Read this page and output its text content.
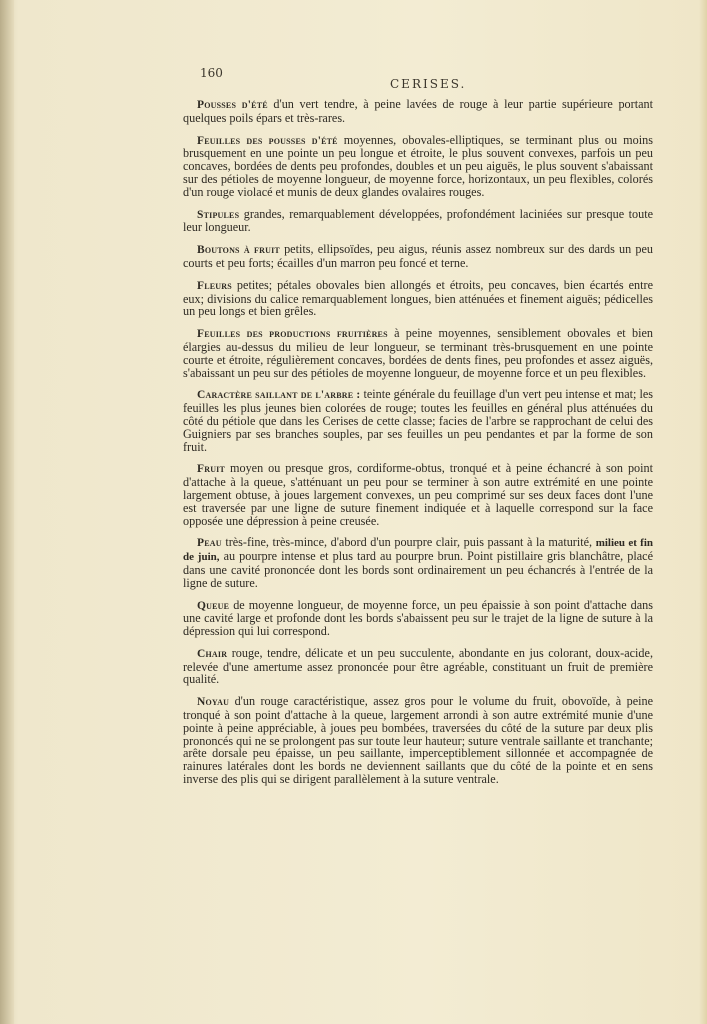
160
CERISES.

Pousses d'été d'un vert tendre, à peine lavées de rouge à leur partie supérieure portant quelques poils épars et très-rares.

Feuilles des pousses d'été moyennes, obovales-elliptiques, se terminant plus ou moins brusquement en une pointe un peu longue et étroite, le plus souvent convexes, parfois un peu concaves, bordées de dents peu profondes, doubles et un peu aiguës, le plus souvent s'abaissant sur des pétioles de moyenne longueur, de moyenne force, horizontaux, un peu flexibles, colorés d'un rouge violacé et munis de deux glandes ovalaires rouges.

Stipules grandes, remarquablement développées, profondément laciniées sur presque toute leur longueur.

Boutons à fruit petits, ellipsoïdes, peu aigus, réunis assez nombreux sur des dards un peu courts et peu forts; écailles d'un marron peu foncé et terne.

Fleurs petites; pétales obovales bien allongés et étroits, peu concaves, bien écartés entre eux; divisions du calice remarquablement longues, bien atténuées et finement aiguës; pédicelles un peu longs et bien grêles.

Feuilles des productions fruitières à peine moyennes, sensiblement obovales et bien élargies au-dessus du milieu de leur longueur, se terminant très-brusquement en une pointe courte et étroite, régulièrement concaves, bordées de dents fines, peu profondes et assez aiguës, s'abaissant un peu sur des pétioles de moyenne longueur, de moyenne force et un peu flexibles.

Caractère saillant de l'arbre : teinte générale du feuillage d'un vert peu intense et mat; les feuilles les plus jeunes bien colorées de rouge; toutes les feuilles en général plus atténuées du côté du pétiole que dans les Cerises de cette classe; facies de l'arbre se rapprochant de celui des Guigniers par ses branches souples, par ses feuilles un peu pendantes et par la forme de son fruit.

Fruit moyen ou presque gros, cordiforme-obtus, tronqué et à peine échancré à son point d'attache à la queue, s'atténuant un peu pour se terminer à son autre extrémité en une pointe largement obtuse, à joues largement convexes, un peu comprimé sur ses deux faces dont l'une est traversée par une ligne de suture finement indiquée et à laquelle correspond sur la face opposée une dépression à peine creusée.

Peau très-fine, très-mince, d'abord d'un pourpre clair, puis passant à la maturité, milieu et fin de juin, au pourpre intense et plus tard au pourpre brun. Point pistillaire gris blanchâtre, placé dans une cavité prononcée dont les bords sont ordinairement un peu échancrés à l'entrée de la ligne de suture.

Queue de moyenne longueur, de moyenne force, un peu épaissie à son point d'attache dans une cavité large et profonde dont les bords s'abaissent peu sur le trajet de la ligne de suture à la dépression qui lui correspond.

Chair rouge, tendre, délicate et un peu succulente, abondante en jus colorant, doux-acide, relevée d'une amertume assez prononcée pour être agréable, constituant un fruit de première qualité.

Noyau d'un rouge caractéristique, assez gros pour le volume du fruit, obovoïde, à peine tronqué à son point d'attache à la queue, largement arrondi à son autre extrémité munie d'une pointe à peine appréciable, à joues peu bombées, traversées du côté de la suture par deux plis prononcés qui ne se prolongent pas sur toute leur hauteur; suture ventrale saillante et tranchante; arête dorsale peu épaisse, un peu saillante, imperceptiblement sillonnée et accompagnée de rainures latérales dont les bords ne deviennent saillants que du côté de la pointe et en sens inverse des plis qui se dirigent parallèlement à la suture ventrale.
